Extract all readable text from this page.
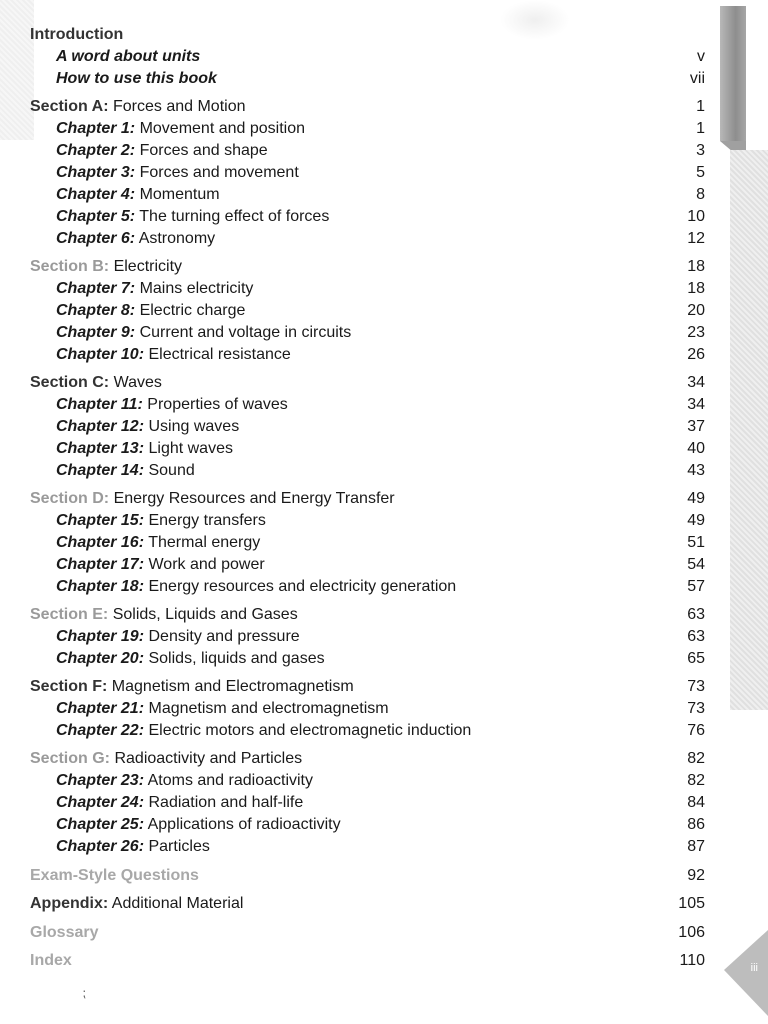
iii
Introduction
A word about units	v
How to use this book	vii
Section A: Forces and Motion	1
Chapter 1: Movement and position	1
Chapter 2: Forces and shape	3
Chapter 3: Forces and movement	5
Chapter 4: Momentum	8
Chapter 5: The turning effect of forces	10
Chapter 6: Astronomy	12
Section B: Electricity	18
Chapter 7: Mains electricity	18
Chapter 8: Electric charge	20
Chapter 9: Current and voltage in circuits	23
Chapter 10: Electrical resistance	26
Section C: Waves	34
Chapter 11: Properties of waves	34
Chapter 12: Using waves	37
Chapter 13: Light waves	40
Chapter 14: Sound	43
Section D: Energy Resources and Energy Transfer	49
Chapter 15: Energy transfers	49
Chapter 16: Thermal energy	51
Chapter 17: Work and power	54
Chapter 18: Energy resources and electricity generation	57
Section E: Solids, Liquids and Gases	63
Chapter 19: Density and pressure	63
Chapter 20: Solids, liquids and gases	65
Section F: Magnetism and Electromagnetism	73
Chapter 21: Magnetism and electromagnetism	73
Chapter 22: Electric motors and electromagnetic induction	76
Section G: Radioactivity and Particles	82
Chapter 23: Atoms and radioactivity	82
Chapter 24: Radiation and half-life	84
Chapter 25: Applications of radioactivity	86
Chapter 26: Particles	87
Exam-Style Questions	92
Appendix: Additional Material	105
Glossary	106
Index	110
⁏
